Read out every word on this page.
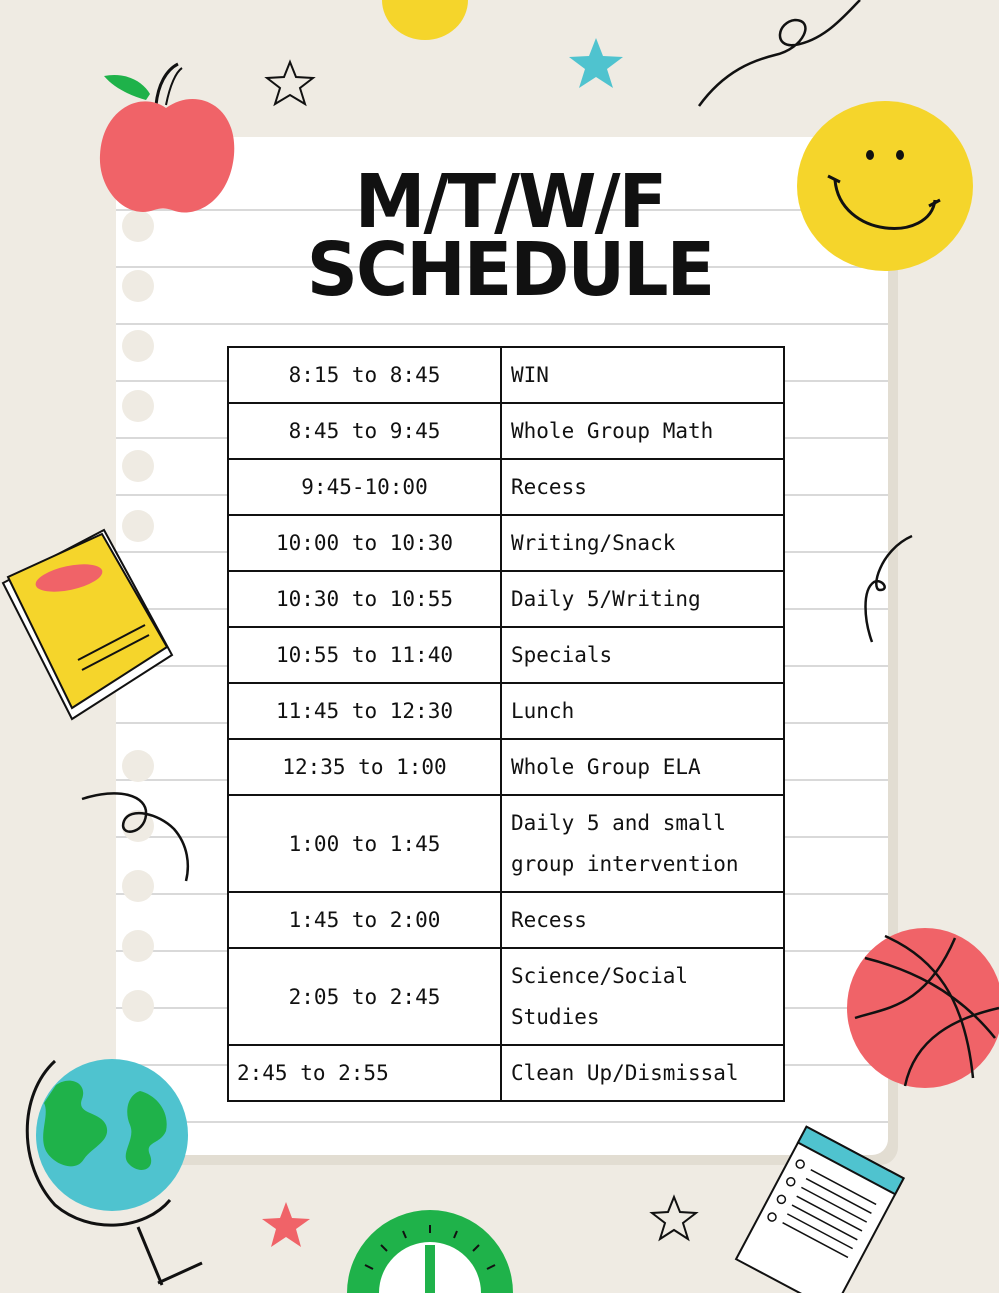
M/T/W/F
SCHEDULE
8:15 to 8:45	WIN
8:45 to 9:45	Whole Group Math
9:45-10:00	Recess
10:00 to 10:30	Writing/Snack
10:30 to 10:55	Daily 5/Writing
10:55 to 11:40	Specials
11:45 to 12:30	Lunch
12:35 to 1:00	Whole Group ELA
1:00 to 1:45	Daily 5 and small group intervention
1:45 to 2:00	Recess
2:05 to 2:45	Science/Social Studies
2:45 to 2:55	Clean Up/Dismissal
